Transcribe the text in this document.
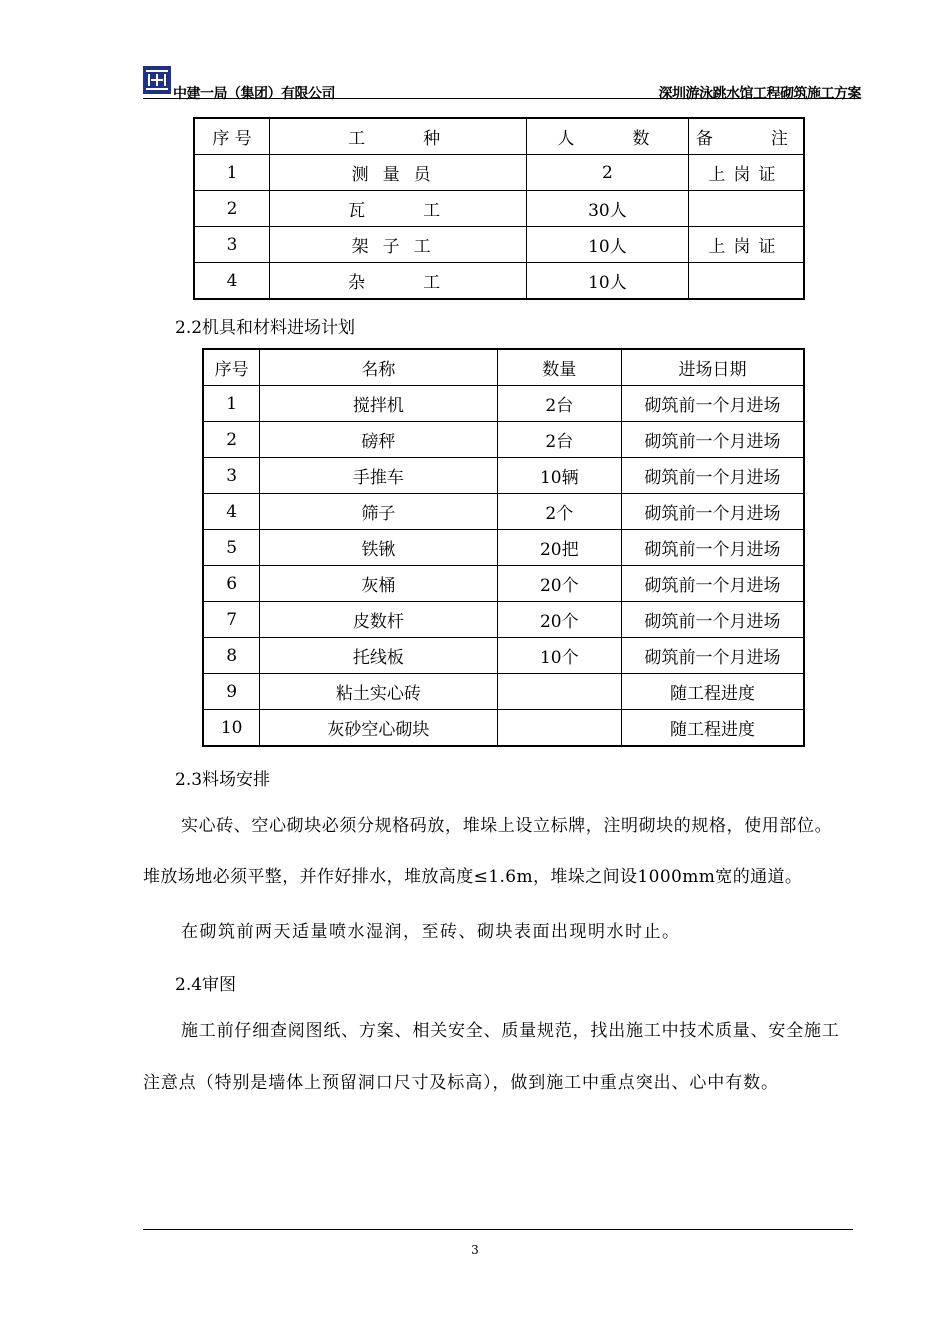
中建一局（集团）有限公司	深圳游泳跳水馆工程砌筑施工方案
序 号	工　　种	人　　数	备　　注
1	测量员	2	上岗证
2	瓦　　工	30人	
3	架子工	10人	上岗证
4	杂　　工	10人	
2.2机具和材料进场计划
序号	名称	数量	进场日期
1	搅拌机	2台	砌筑前一个月进场
2	磅秤	2台	砌筑前一个月进场
3	手推车	10辆	砌筑前一个月进场
4	筛子	2个	砌筑前一个月进场
5	铁锹	20把	砌筑前一个月进场
6	灰桶	20个	砌筑前一个月进场
7	皮数杆	20个	砌筑前一个月进场
8	托线板	10个	砌筑前一个月进场
9	粘土实心砖		随工程进度
10	灰砂空心砌块		随工程进度
2.3料场安排
实心砖、空心砌块必须分规格码放，堆垛上设立标牌，注明砌块的规格，使用部位。
堆放场地必须平整，并作好排水，堆放高度≤1.6m，堆垛之间设1000mm宽的通道。
在砌筑前两天适量喷水湿润，至砖、砌块表面出现明水时止。
2.4审图
施工前仔细查阅图纸、方案、相关安全、质量规范，找出施工中技术质量、安全施工
注意点（特别是墙体上预留洞口尺寸及标高），做到施工中重点突出、心中有数。
3
